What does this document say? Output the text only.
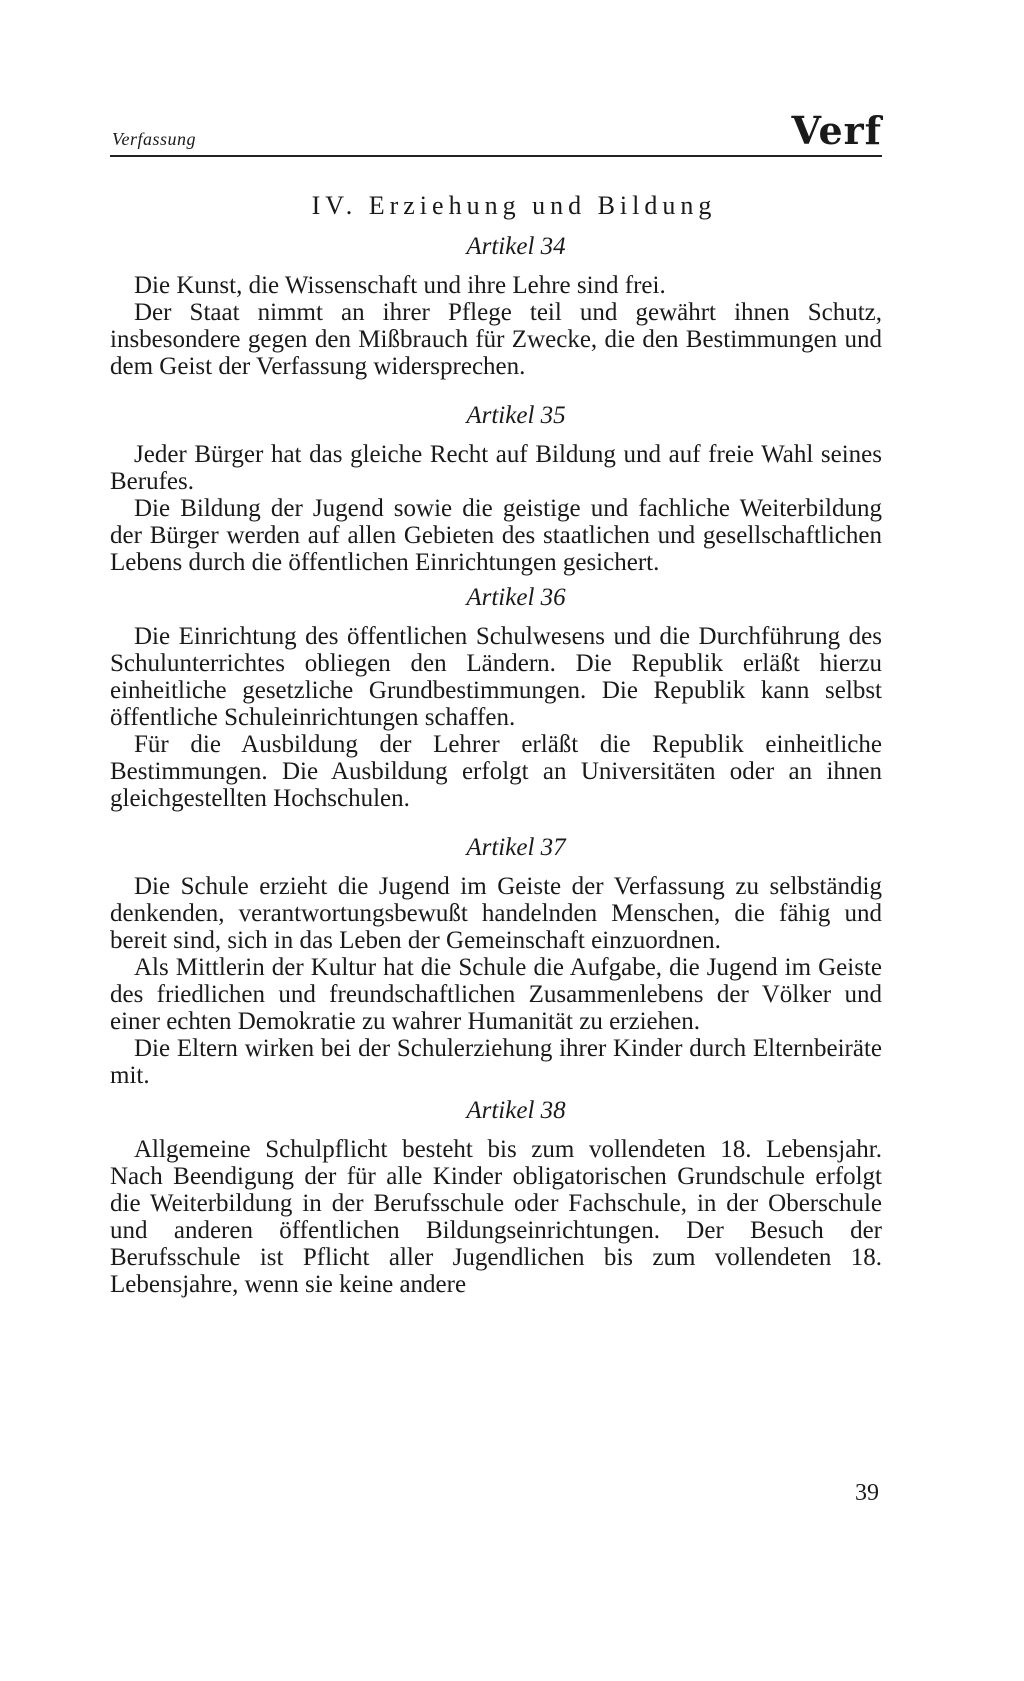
Verfassung	Verf
IV. Erziehung und Bildung
Artikel 34

Die Kunst, die Wissenschaft und ihre Lehre sind frei.

Der Staat nimmt an ihrer Pflege teil und gewährt ihnen Schutz, insbesondere gegen den Mißbrauch für Zwecke, die den Bestimmungen und dem Geist der Verfassung widersprechen.

Artikel 35

Jeder Bürger hat das gleiche Recht auf Bildung und auf freie Wahl seines Berufes.

Die Bildung der Jugend sowie die geistige und fachliche Weiterbildung der Bürger werden auf allen Gebieten des staatlichen und gesellschaftlichen Lebens durch die öffentlichen Einrichtungen gesichert.

Artikel 36

Die Einrichtung des öffentlichen Schulwesens und die Durchführung des Schulunterrichtes obliegen den Ländern. Die Republik erläßt hierzu einheitliche gesetzliche Grundbestimmungen. Die Republik kann selbst öffentliche Schuleinrichtungen schaffen.

Für die Ausbildung der Lehrer erläßt die Republik einheitliche Bestimmungen. Die Ausbildung erfolgt an Universitäten oder an ihnen gleichgestellten Hochschulen.

Artikel 37

Die Schule erzieht die Jugend im Geiste der Verfassung zu selbständig denkenden, verantwortungsbewußt handelnden Menschen, die fähig und bereit sind, sich in das Leben der Gemeinschaft einzuordnen.

Als Mittlerin der Kultur hat die Schule die Aufgabe, die Jugend im Geiste des friedlichen und freundschaftlichen Zusammenlebens der Völker und einer echten Demokratie zu wahrer Humanität zu erziehen.

Die Eltern wirken bei der Schulerziehung ihrer Kinder durch Elternbeiräte mit.

Artikel 38

Allgemeine Schulpflicht besteht bis zum vollendeten 18. Lebensjahr. Nach Beendigung der für alle Kinder obligatorischen Grundschule erfolgt die Weiterbildung in der Berufsschule oder Fachschule, in der Oberschule und anderen öffentlichen Bildungseinrichtungen. Der Besuch der Berufsschule ist Pflicht aller Jugendlichen bis zum vollendeten 18. Lebensjahre, wenn sie keine andere

39
